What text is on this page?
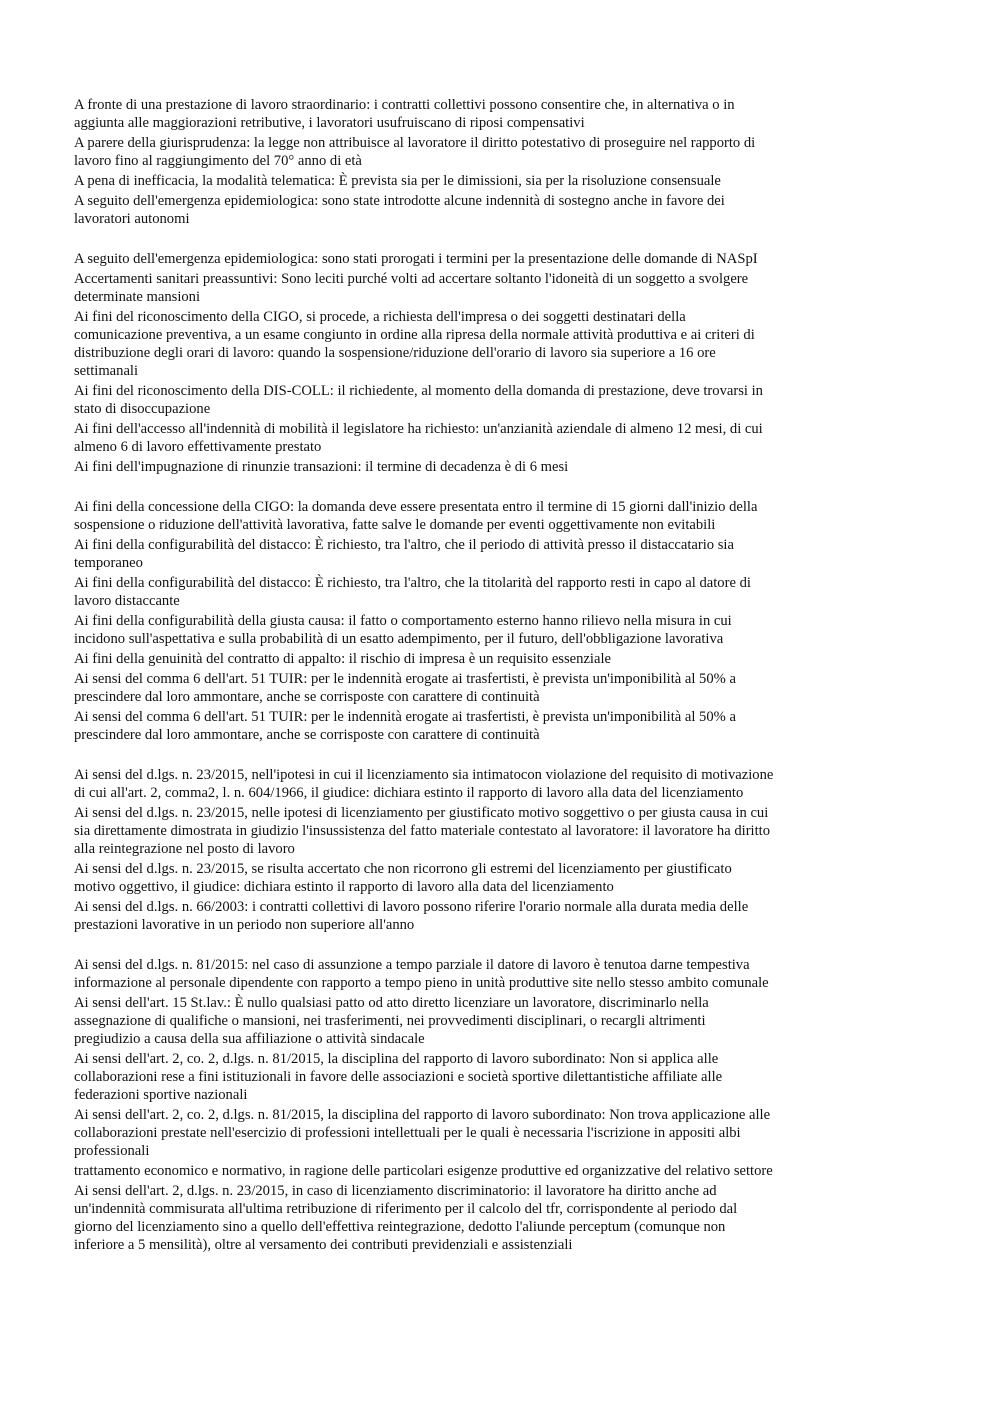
A fronte di una prestazione di lavoro straordinario: i contratti collettivi possono consentire che, in alternativa o in
aggiunta alle maggiorazioni retributive, i lavoratori usufruiscano di riposi compensativi

A parere della giurisprudenza: la legge non attribuisce al lavoratore il diritto potestativo di proseguire nel rapporto di
lavoro fino al raggiungimento del 70° anno di età

A pena di inefficacia, la modalità telematica: È prevista sia per le dimissioni, sia per la risoluzione consensuale

A seguito dell'emergenza epidemiologica: sono state introdotte alcune indennità di sostegno anche in favore dei
lavoratori autonomi

A seguito dell'emergenza epidemiologica: sono stati prorogati i termini per la presentazione delle domande di NASpI

Accertamenti sanitari preassuntivi: Sono leciti purché volti ad accertare soltanto l'idoneità di un soggetto a svolgere
determinate mansioni

Ai fini del riconoscimento della CIGO, si procede, a richiesta dell'impresa o dei soggetti destinatari della
comunicazione preventiva, a un esame congiunto in ordine alla ripresa della normale attività produttiva e ai criteri di
distribuzione degli orari di lavoro: quando la sospensione/riduzione dell'orario di lavoro sia superiore a 16 ore
settimanali

Ai fini del riconoscimento della DIS-COLL: il richiedente, al momento della domanda di prestazione, deve trovarsi in
stato di disoccupazione

Ai fini dell'accesso all'indennità di mobilità il legislatore ha richiesto: un'anzianità aziendale di almeno 12 mesi, di cui
almeno 6 di lavoro effettivamente prestato

Ai fini dell'impugnazione di rinunzie transazioni: il termine di decadenza è di 6 mesi

Ai fini della concessione della CIGO: la domanda deve essere presentata entro il termine di 15 giorni dall'inizio della
sospensione o riduzione dell'attività lavorativa, fatte salve le domande per eventi oggettivamente non evitabili

Ai fini della configurabilità del distacco: È richiesto, tra l'altro, che il periodo di attività presso il distaccatario sia
temporaneo

Ai fini della configurabilità del distacco: È richiesto, tra l'altro, che la titolarità del rapporto resti in capo al datore di
lavoro distaccante

Ai fini della configurabilità della giusta causa: il fatto o comportamento esterno hanno rilievo nella misura in cui
incidono sull'aspettativa e sulla probabilità di un esatto adempimento, per il futuro, dell'obbligazione lavorativa

Ai fini della genuinità del contratto di appalto: il rischio di impresa è un requisito essenziale

Ai sensi del comma 6 dell'art. 51 TUIR: per le indennità erogate ai trasfertisti, è prevista un'imponibilità al 50% a
prescindere dal loro ammontare, anche se corrisposte con carattere di continuità

Ai sensi del comma 6 dell'art. 51 TUIR: per le indennità erogate ai trasfertisti, è prevista un'imponibilità al 50% a
prescindere dal loro ammontare, anche se corrisposte con carattere di continuità

Ai sensi del d.lgs. n. 23/2015, nell'ipotesi in cui il licenziamento sia intimatocon violazione del requisito di motivazione
di cui all'art. 2, comma2, l. n. 604/1966, il giudice: dichiara estinto il rapporto di lavoro alla data del licenziamento

Ai sensi del d.lgs. n. 23/2015, nelle ipotesi di licenziamento per giustificato motivo soggettivo o per giusta causa in cui
sia direttamente dimostrata in giudizio l'insussistenza del fatto materiale contestato al lavoratore: il lavoratore ha diritto
alla reintegrazione nel posto di lavoro

Ai sensi del d.lgs. n. 23/2015, se risulta accertato che non ricorrono gli estremi del licenziamento per giustificato
motivo oggettivo, il giudice: dichiara estinto il rapporto di lavoro alla data del licenziamento

Ai sensi del d.lgs. n. 66/2003: i contratti collettivi di lavoro possono riferire l'orario normale alla durata media delle
prestazioni lavorative in un periodo non superiore all'anno

Ai sensi del d.lgs. n. 81/2015: nel caso di assunzione a tempo parziale il datore di lavoro è tenutoa darne tempestiva
informazione al personale dipendente con rapporto a tempo pieno in unità produttive site nello stesso ambito comunale

Ai sensi dell'art. 15 St.lav.: È nullo qualsiasi patto od atto diretto licenziare un lavoratore, discriminarlo nella
assegnazione di qualifiche o mansioni, nei trasferimenti, nei provvedimenti disciplinari, o recargli altrimenti
pregiudizio a causa della sua affiliazione o attività sindacale

Ai sensi dell'art. 2, co. 2, d.lgs. n. 81/2015, la disciplina del rapporto di lavoro subordinato: Non si applica alle
collaborazioni rese a fini istituzionali in favore delle associazioni e società sportive dilettantistiche affiliate alle
federazioni sportive nazionali

Ai sensi dell'art. 2, co. 2, d.lgs. n. 81/2015, la disciplina del rapporto di lavoro subordinato: Non trova applicazione alle
collaborazioni prestate nell'esercizio di professioni intellettuali per le quali è necessaria l'iscrizione in appositi albi
professionali

trattamento economico e normativo, in ragione delle particolari esigenze produttive ed organizzative del relativo settore

Ai sensi dell'art. 2, d.lgs. n. 23/2015, in caso di licenziamento discriminatorio: il lavoratore ha diritto anche ad
un'indennità commisurata all'ultima retribuzione di riferimento per il calcolo del tfr, corrispondente al periodo dal
giorno del licenziamento sino a quello dell'effettiva reintegrazione, dedotto l'aliunde perceptum (comunque non
inferiore a 5 mensilità), oltre al versamento dei contributi previdenziali e assistenziali
